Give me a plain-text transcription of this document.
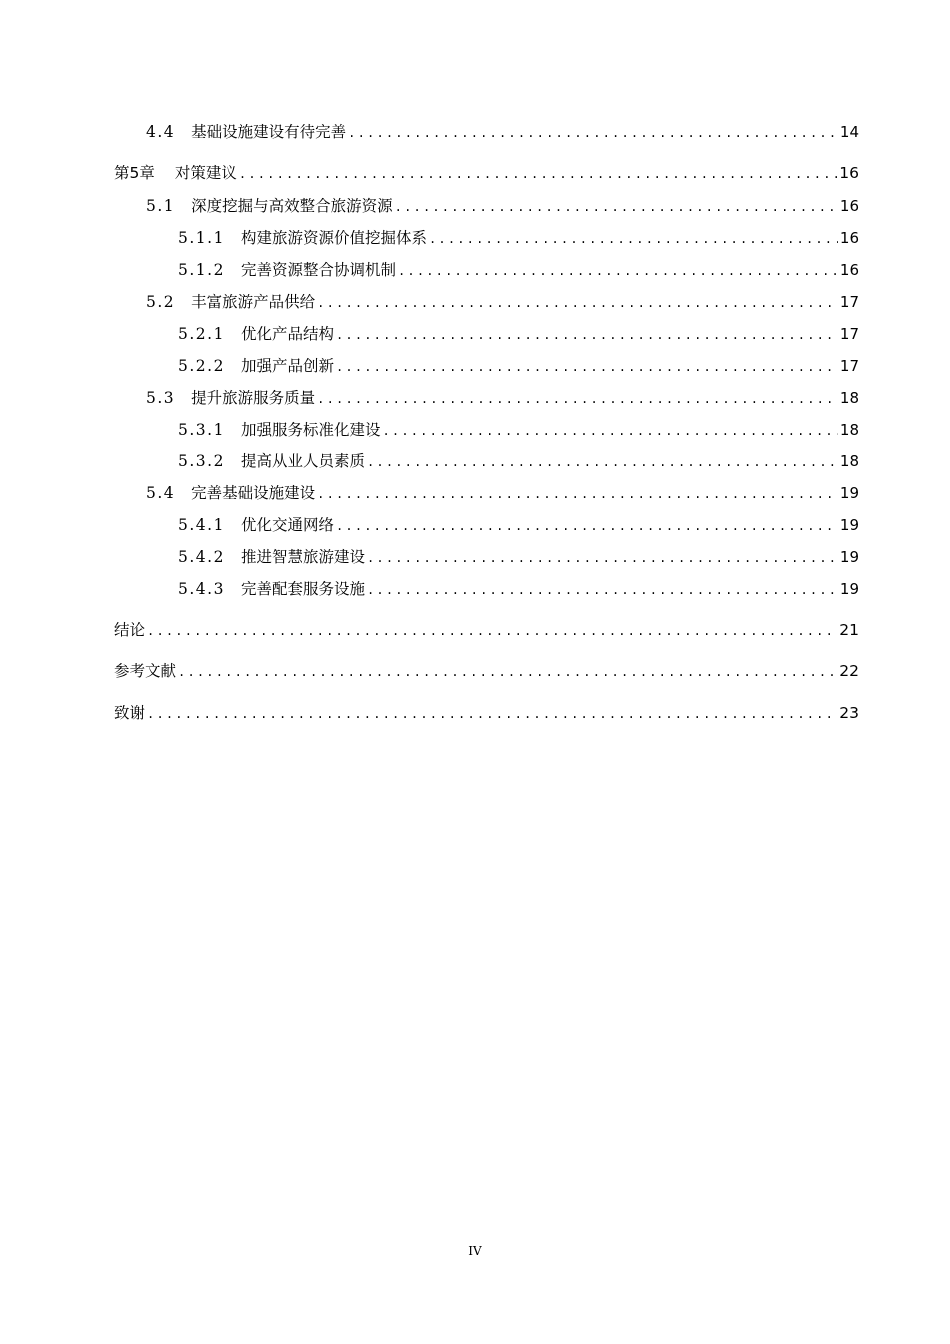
4.4 基础设施建设有待完善 .....	14
第5章 对策建议 .....	16
5.1 深度挖掘与高效整合旅游资源 .....	16
5.1.1 构建旅游资源价值挖掘体系 .....	16
5.1.2 完善资源整合协调机制 .....	16
5.2 丰富旅游产品供给 .....	17
5.2.1 优化产品结构 .....	17
5.2.2 加强产品创新 .....	17
5.3 提升旅游服务质量 .....	18
5.3.1 加强服务标准化建设 .....	18
5.3.2 提高从业人员素质 .....	18
5.4 完善基础设施建设 .....	19
5.4.1 优化交通网络 .....	19
5.4.2 推进智慧旅游建设 .....	19
5.4.3 完善配套服务设施 .....	19
结论 .....	21
参考文献 .....	22
致谢 .....	23
IV
